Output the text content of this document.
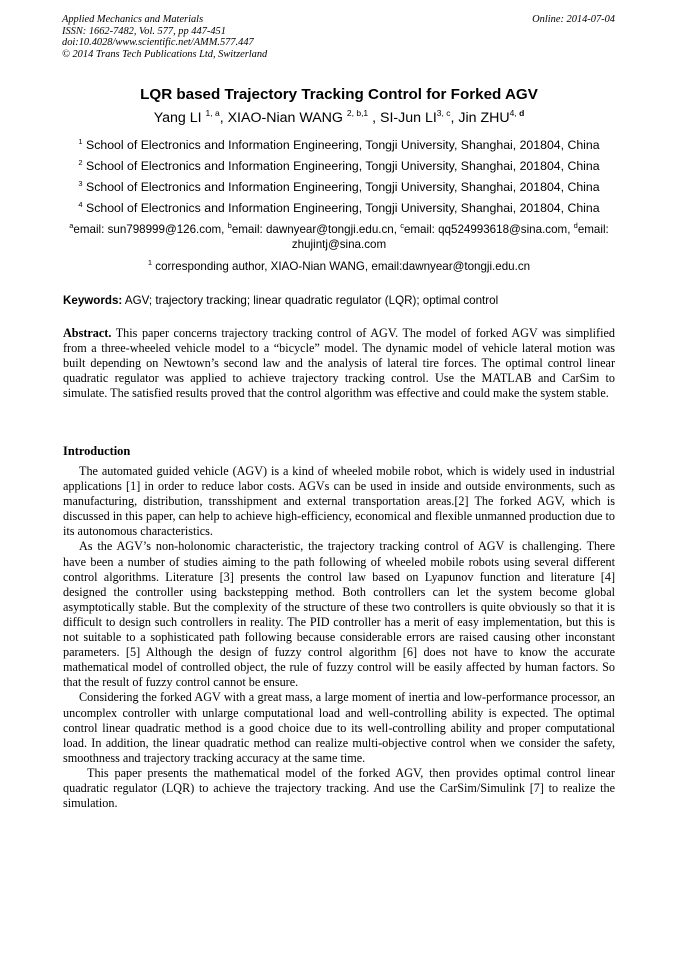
Applied Mechanics and Materials
ISSN: 1662-7482, Vol. 577, pp 447-451
doi:10.4028/www.scientific.net/AMM.577.447
© 2014 Trans Tech Publications Ltd, Switzerland
Online: 2014-07-04
LQR based Trajectory Tracking Control for Forked AGV
Yang LI $^{1, a}$, XIAO-Nian WANG $^{2, b,1}$ , SI-Jun LI$^{3, c}$, Jin $ZHU^{4,}$ $^d$
$^1$ School of Electronics and Information Engineering, Tongji University, Shanghai, 201804, China
$^2$ School of Electronics and Information Engineering, Tongji University, Shanghai, 201804, China
$^3$ School of Electronics and Information Engineering, Tongji University, Shanghai, 201804, China
$^4$ School of Electronics and Information Engineering, Tongji University, Shanghai, 201804, China
$^a$email: sun798999@126.com, $^b$email: dawnyear@tongji.edu.cn, $^c$email: qq524993618@sina.com, $^d$email: zhujintj@sina.com
$^1$ corresponding author, XIAO-Nian WANG, email:dawnyear@tongji.edu.cn
Keywords: AGV; trajectory tracking; linear quadratic regulator (LQR); optimal control

Abstract. This paper concerns trajectory tracking control of AGV. The model of forked AGV was simplified from a three-wheeled vehicle model to a “bicycle” model. The dynamic model of vehicle lateral motion was built depending on Newtown’s second law and the analysis of lateral tire forces. The optimal control linear quadratic regulator was applied to achieve trajectory tracking control. Use the MATLAB and CarSim to simulate. The satisfied results proved that the control algorithm was effective and could make the system stable.

Introduction

The automated guided vehicle (AGV) is a kind of wheeled mobile robot, which is widely used in industrial applications [1] in order to reduce labor costs. AGVs can be used in inside and outside environments, such as manufacturing, distribution, transshipment and external transportation areas.[2] The forked AGV, which is discussed in this paper, can help to achieve high-efficiency, economical and flexible unmanned production due to its autonomous characteristics.

As the AGV’s non-holonomic characteristic, the trajectory tracking control of AGV is challenging. There have been a number of studies aiming to the path following of wheeled mobile robots using several different control algorithms. Literature [3] presents the control law based on Lyapunov function and literature [4] designed the controller using backstepping method. Both controllers can let the system become global asymptotically stable. But the complexity of the structure of these two controllers is quite obviously so that it is difficult to design such controllers in reality. The PID controller has a merit of easy implementation, but this is not suitable to a sophisticated path following because considerable errors are raised causing other inconstant parameters. [5] Although the design of fuzzy control algorithm [6] does not have to know the accurate mathematical model of controlled object, the rule of fuzzy control will be easily affected by human factors. So that the result of fuzzy control cannot be ensure.

Considering the forked AGV with a great mass, a large moment of inertia and low-performance processor, an uncomplex controller with unlarge computational load and well-controlling ability is expected. The optimal control linear quadratic method is a good choice due to its well-controlling ability and proper computational load. In addition, the linear quadratic method can realize multi-objective control when we consider the safety, smoothness and trajectory tracking accuracy at the same time.

This paper presents the mathematical model of the forked AGV, then provides optimal control linear quadratic regulator (LQR) to achieve the trajectory tracking. And use the CarSim/Simulink [7] to realize the simulation.
